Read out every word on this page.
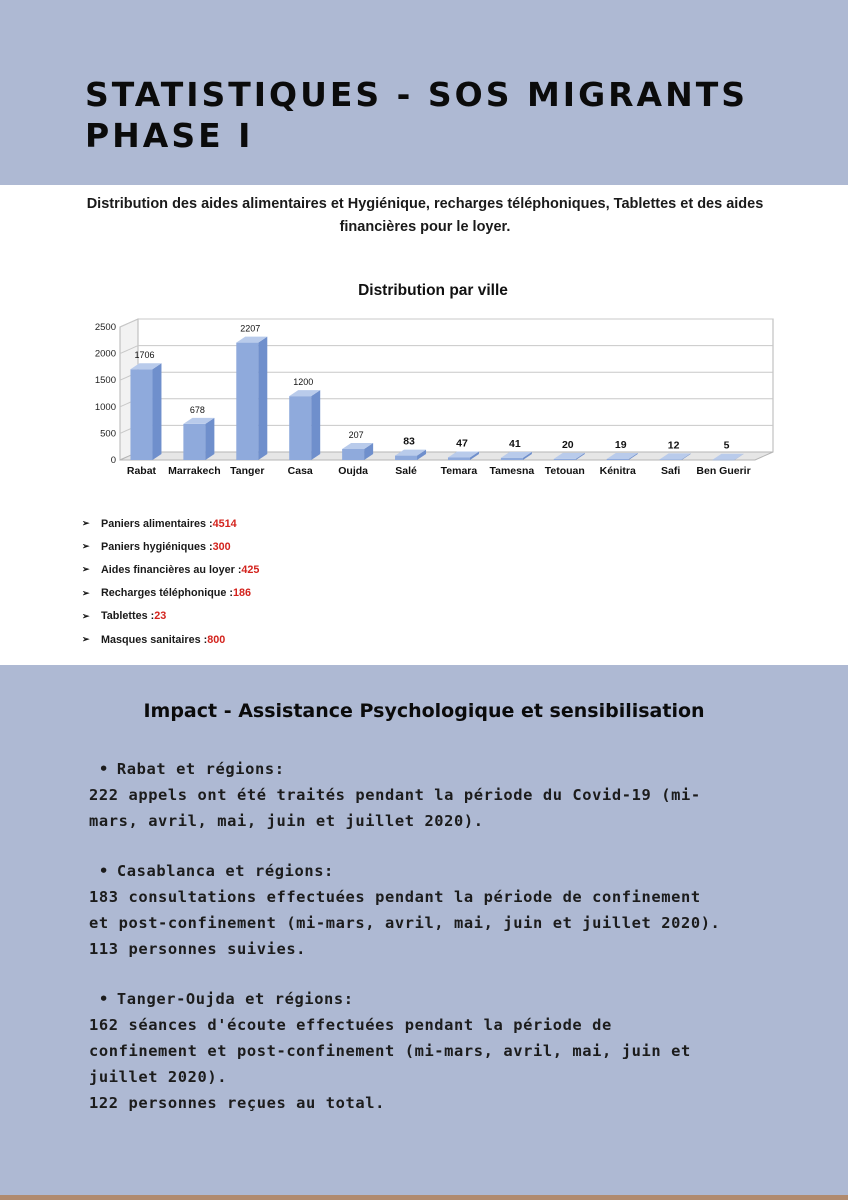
STATISTIQUES - SOS MIGRANTS
PHASE I
Distribution des aides alimentaires et Hygiénique, recharges téléphoniques, Tablettes et des aides
financières pour le loyer.
Distribution par ville
0
500
1000
1500
2000
2500
1706
Rabat
678
Marrakech
2207
Tanger
1200
Casa
207
Oujda
83
Salé
47
Temara
41
Tamesna
20
Tetouan
19
Kénitra
12
Safi
5
Ben Guerir
➢	Paniers alimentaires : 4514
➢	Paniers hygiéniques : 300
➢	Aides financières au loyer : 425
➢	Recharges téléphonique : 186
➢	Tablettes : 23
➢	Masques sanitaires : 800
Impact - Assistance Psychologique et sensibilisation
• Rabat et régions:

222 appels ont été traités pendant la période du Covid-19 (mi-

mars, avril, mai, juin et juillet 2020).

• Casablanca et régions:

183 consultations effectuées pendant la période de confinement

et post-confinement (mi-mars, avril, mai, juin et juillet 2020).

113 personnes suivies.

• Tanger-Oujda et régions:

162 séances d'écoute effectuées pendant la période de

confinement et post-confinement (mi-mars, avril, mai, juin et

juillet 2020).

122 personnes reçues au total.
